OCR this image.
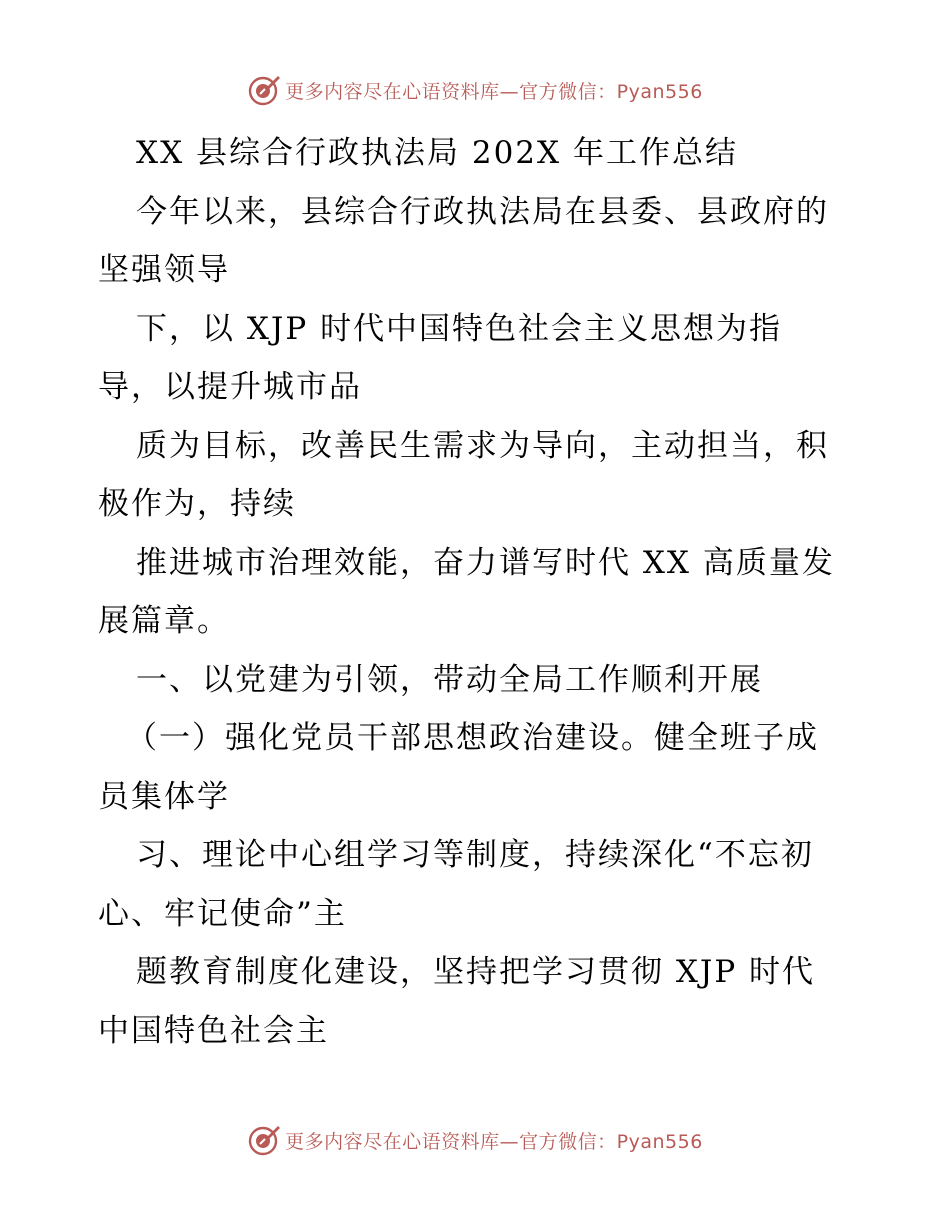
更多内容尽在心语资料库—官方微信：Pyan556
XX 县综合行政执法局 202X 年工作总结
今年以来，县综合行政执法局在县委、县政府的
坚强领导
下，以 XJP 时代中国特色社会主义思想为指
导，以提升城市品
质为目标，改善民生需求为导向，主动担当，积
极作为，持续
推进城市治理效能，奋力谱写时代 XX 高质量发
展篇章。
一、以党建为引领，带动全局工作顺利开展
（一）强化党员干部思想政治建设。健全班子成
员集体学
习、理论中心组学习等制度，持续深化“不忘初
心、牢记使命”主
题教育制度化建设，坚持把学习贯彻 XJP 时代
中国特色社会主
更多内容尽在心语资料库—官方微信：Pyan556
